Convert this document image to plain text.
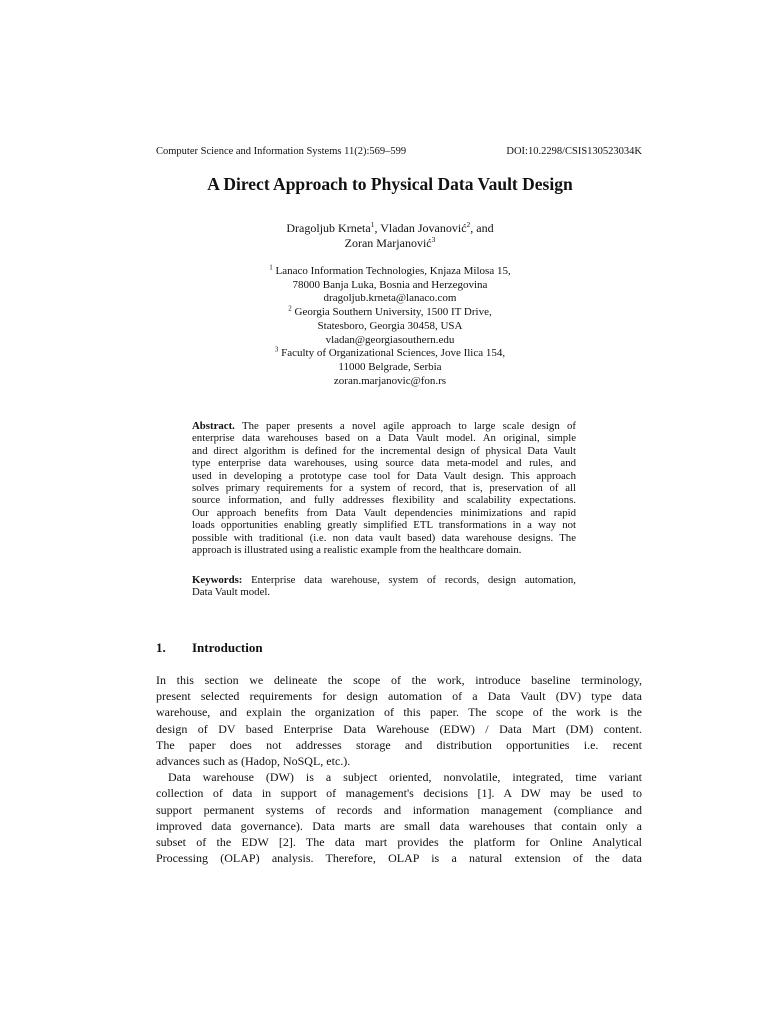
Computer Science and Information Systems 11(2):569–599	DOI:10.2298/CSIS130523034K
A Direct Approach to Physical Data Vault Design
Dragoljub Krneta$^1$, Vladan Jovanović$^2$, and
Zoran Marjanović$^3$
$^1$ Lanaco Information Technologies, Knjaza Milosa 15,
78000 Banja Luka, Bosnia and Herzegovina
dragoljub.krneta@lanaco.com
$^2$ Georgia Southern University, 1500 IT Drive,
Statesboro, Georgia 30458, USA
vladan@georgiasouthern.edu
$^3$ Faculty of Organizational Sciences, Jove Ilica 154,
11000 Belgrade, Serbia
zoran.marjanovic@fon.rs
Abstract. The paper presents a novel agile approach to large scale design of
enterprise data warehouses based on a Data Vault model. An original, simple
and direct algorithm is defined for the incremental design of physical Data Vault
type enterprise data warehouses, using source data meta-model and rules, and
used in developing a prototype case tool for Data Vault design. This approach
solves primary requirements for a system of record, that is, preservation of all
source information, and fully addresses flexibility and scalability expectations.
Our approach benefits from Data Vault dependencies minimizations and rapid
loads opportunities enabling greatly simplified ETL transformations in a way not
possible with traditional (i.e. non data vault based) data warehouse designs. The
approach is illustrated using a realistic example from the healthcare domain.
Keywords: Enterprise data warehouse, system of records, design automation,
Data Vault model.
1. Introduction
In this section we delineate the scope of the work, introduce baseline terminology,
present selected requirements for design automation of a Data Vault (DV) type data
warehouse, and explain the organization of this paper. The scope of the work is the
design of DV based Enterprise Data Warehouse (EDW) / Data Mart (DM) content.
The paper does not addresses storage and distribution opportunities i.e. recent
advances such as (Hadop, NoSQL, etc.).
Data warehouse (DW) is a subject oriented, nonvolatile, integrated, time variant
collection of data in support of management's decisions [1]. A DW may be used to
support permanent systems of records and information management (compliance and
improved data governance). Data marts are small data warehouses that contain only a
subset of the EDW [2]. The data mart provides the platform for Online Analytical
Processing (OLAP) analysis. Therefore, OLAP is a natural extension of the data
